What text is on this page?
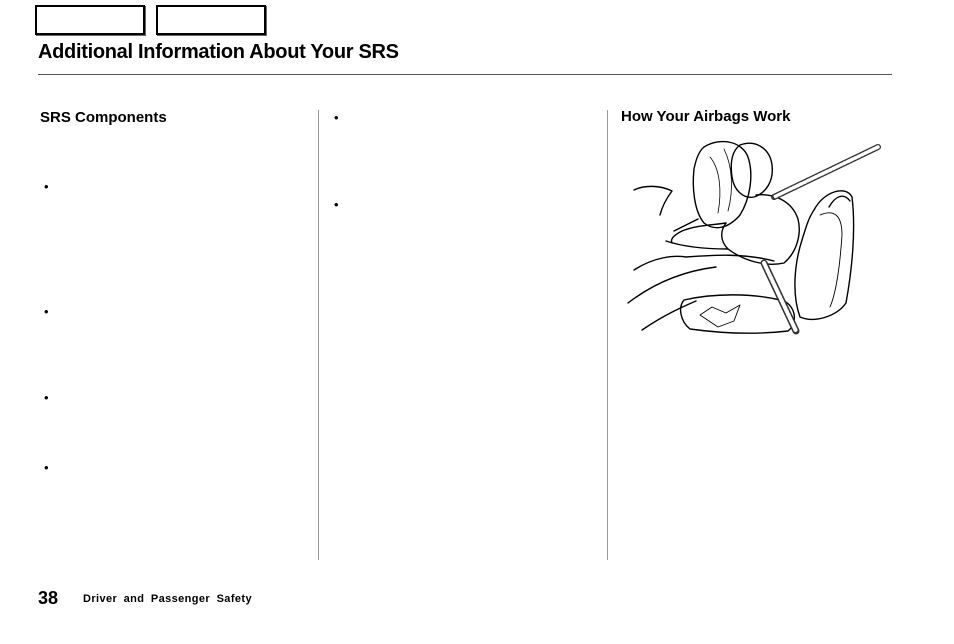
Additional Information About Your SRS
SRS Components
•
•
•
•
•
•
How Your Airbags Work
38 Driver and Passenger Safety
